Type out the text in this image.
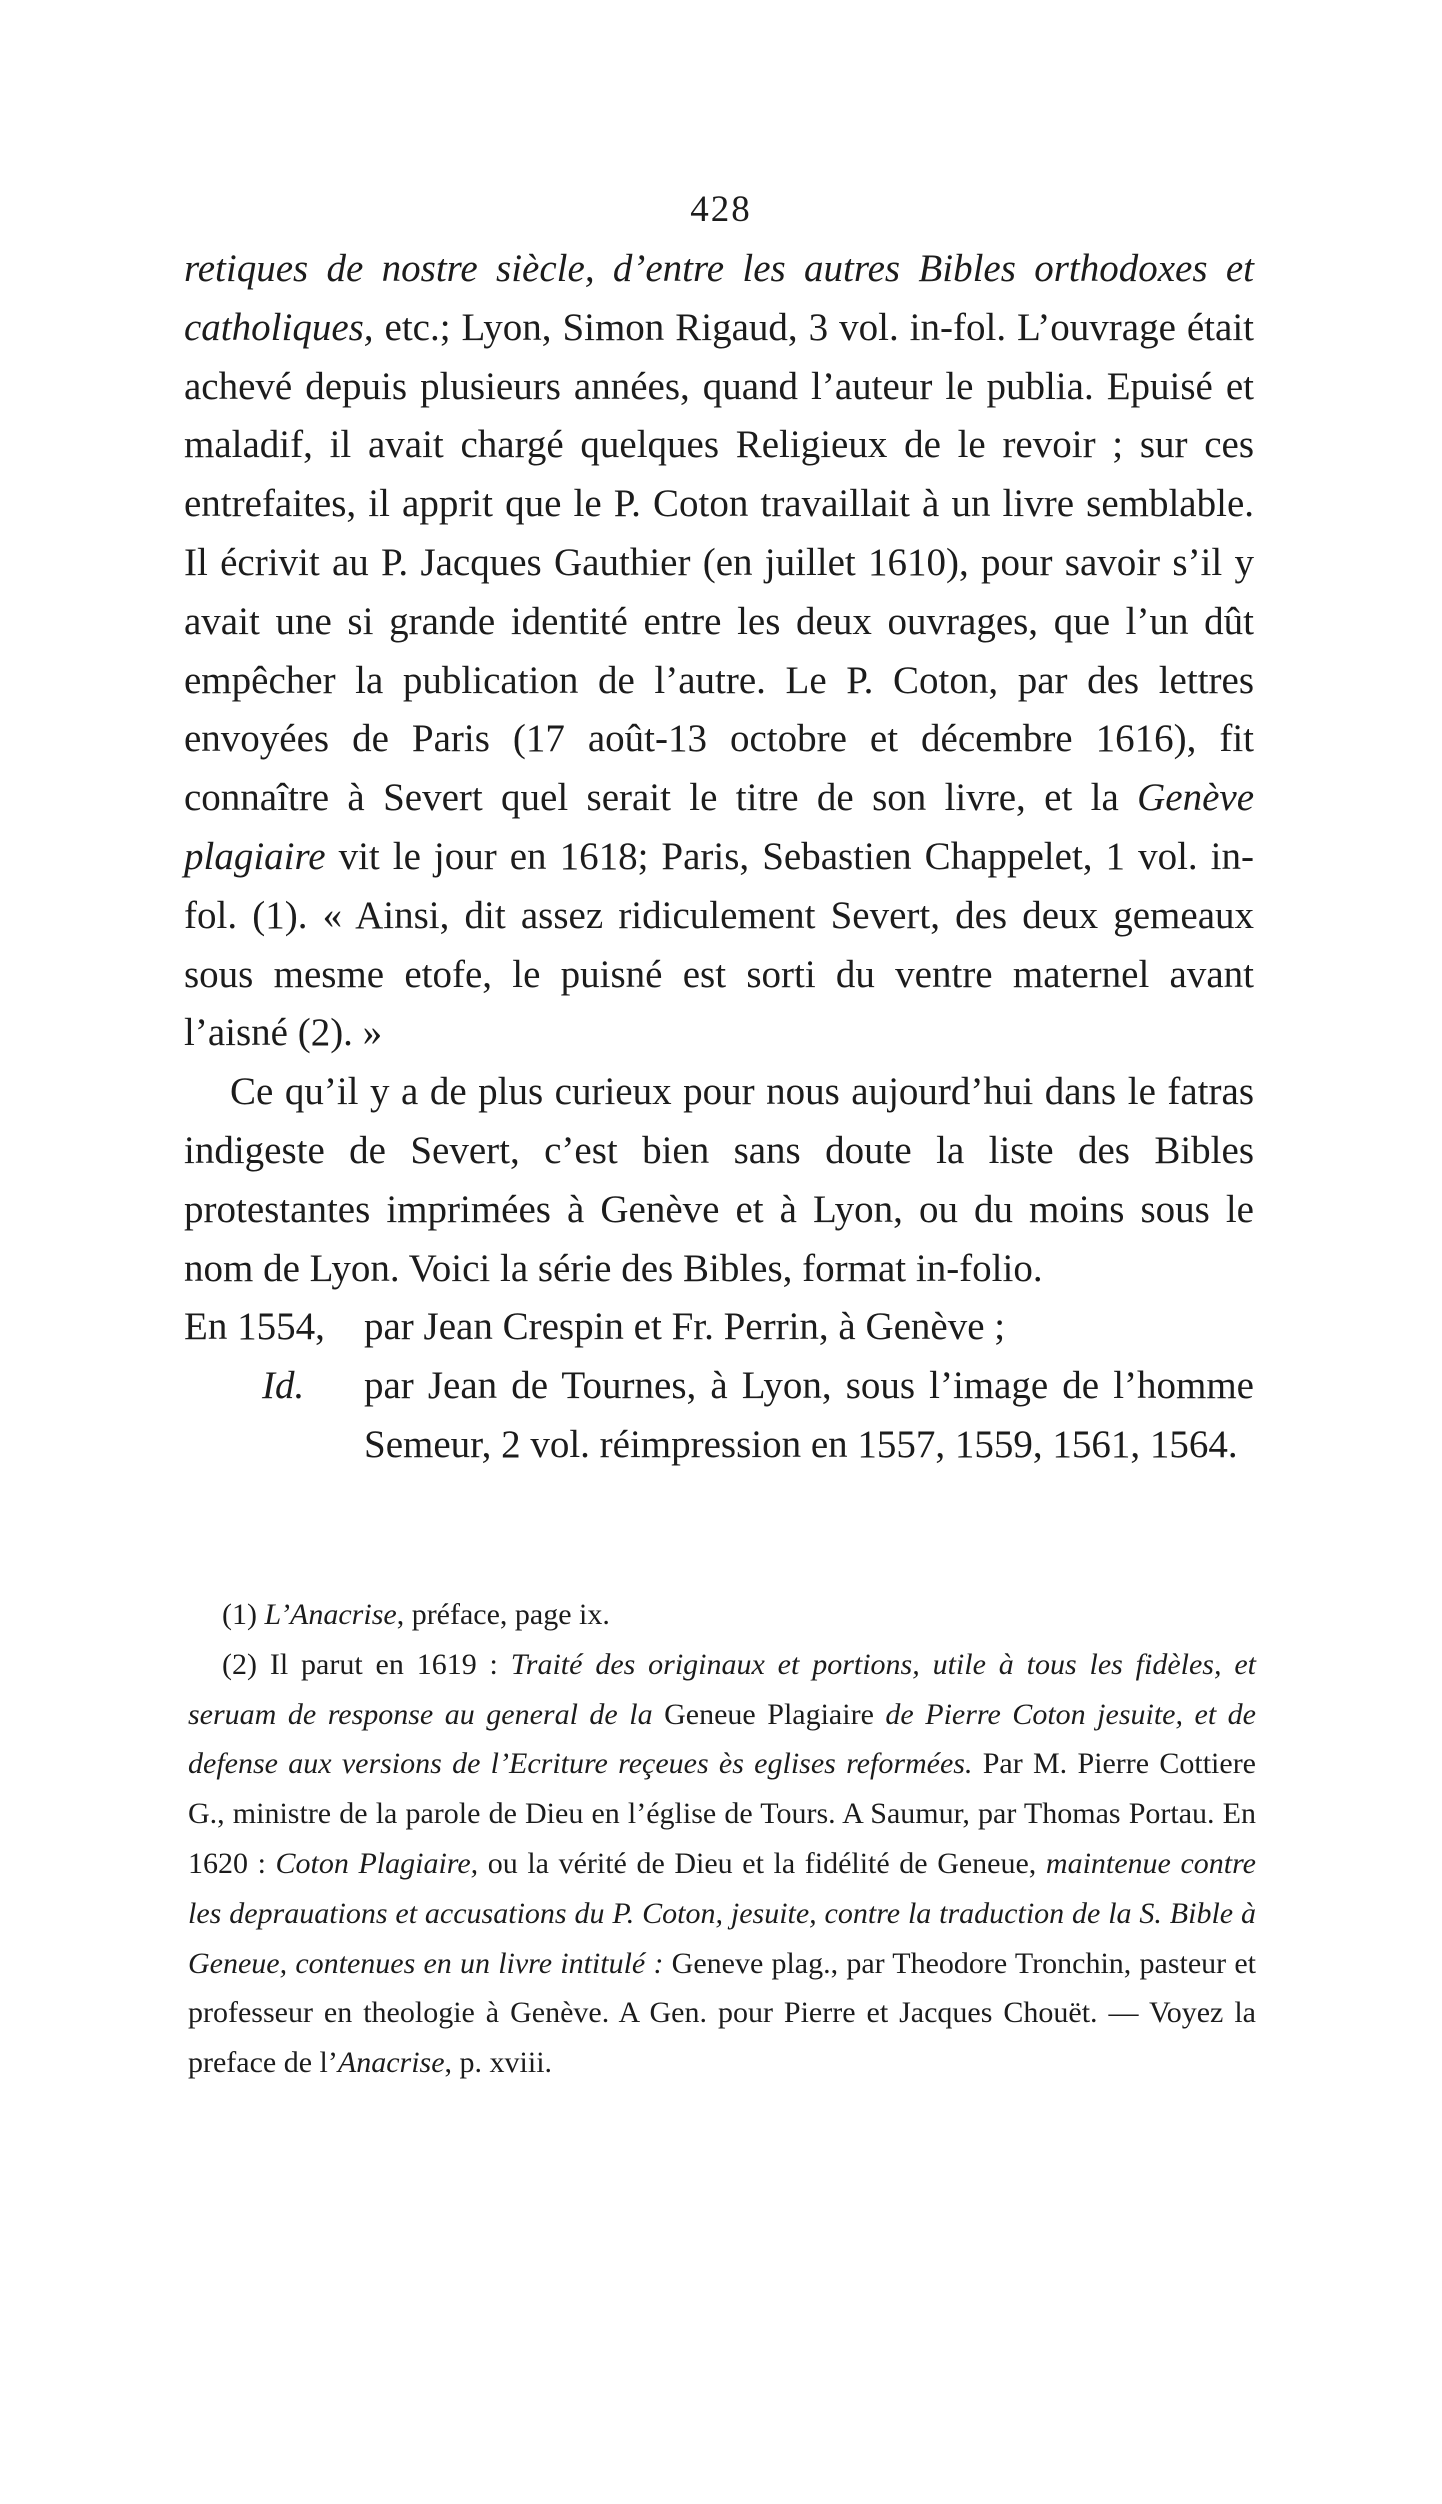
428

retiques de nostre siècle, d’entre les autres Bibles orthodoxes et catholiques, etc.; Lyon, Simon Rigaud, 3 vol. in-fol. L’ouvrage était achevé depuis plusieurs années, quand l’auteur le publia. Epuisé et maladif, il avait chargé quelques Religieux de le revoir ; sur ces entrefaites, il apprit que le P. Coton travaillait à un livre semblable. Il écrivit au P. Jacques Gauthier (en juillet 1610), pour savoir s’il y avait une si grande identité entre les deux ouvrages, que l’un dût empêcher la publication de l’autre. Le P. Coton, par des lettres envoyées de Paris (17 août-13 octobre et décembre 1616), fit connaître à Severt quel serait le titre de son livre, et la Genève plagiaire vit le jour en 1618; Paris, Sebastien Chappelet, 1 vol. in-fol. (1). « Ainsi, dit assez ridiculement Severt, des deux gemeaux sous mesme etofe, le puisné est sorti du ventre maternel avant l’aisné (2). »

Ce qu’il y a de plus curieux pour nous aujourd’hui dans le fatras indigeste de Severt, c’est bien sans doute la liste des Bibles protestantes imprimées à Genève et à Lyon, ou du moins sous le nom de Lyon. Voici la série des Bibles, format in-folio.

En 1554,	par Jean Crespin et Fr. Perrin, à Genève ;
Id.	par Jean de Tournes, à Lyon, sous l’image de l’homme Semeur, 2 vol. réimpression en 1557, 1559, 1561, 1564.

(1) L’Anacrise, préface, page ix.

(2) Il parut en 1619 : Traité des originaux et portions, utile à tous les fidèles, et seruam de response au general de la Geneue Plagiaire de Pierre Coton jesuite, et de defense aux versions de l’Ecriture reçeues ès eglises reformées. Par M. Pierre Cottiere G., ministre de la parole de Dieu en l’église de Tours. A Saumur, par Thomas Portau. En 1620 : Coton Plagiaire, ou la vérité de Dieu et la fidélité de Geneue, maintenue contre les deprauations et accusations du P. Coton, jesuite, contre la traduction de la S. Bible à Geneue, contenues en un livre intitulé : Geneve plag., par Theodore Tronchin, pasteur et professeur en theologie à Genève. A Gen. pour Pierre et Jacques Chouët. — Voyez la preface de l’Anacrise, p. xviii.
